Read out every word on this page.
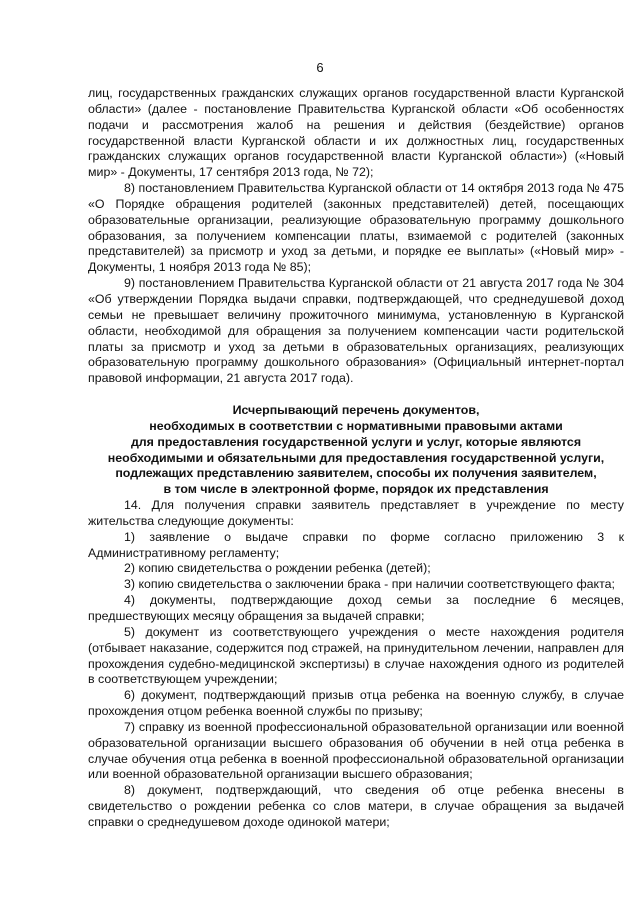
6

лиц, государственных гражданских служащих органов государственной власти Курганской области» (далее - постановление Правительства Курганской области «Об особенностях подачи и рассмотрения жалоб на решения и действия (бездействие) органов государственной власти Курганской области и их должностных лиц, государственных гражданских служащих органов государственной власти Курганской области») («Новый мир» - Документы, 17 сентября 2013 года, № 72);

8) постановлением Правительства Курганской области от 14 октября 2013 года № 475 «О Порядке обращения родителей (законных представителей) детей, посещающих образовательные организации, реализующие образовательную программу дошкольного образования, за получением компенсации платы, взимаемой с родителей (законных представителей) за присмотр и уход за детьми, и порядке ее выплаты» («Новый мир» - Документы, 1 ноября 2013 года № 85);

9) постановлением Правительства Курганской области от 21 августа 2017 года № 304 «Об утверждении Порядка выдачи справки, подтверждающей, что среднедушевой доход семьи не превышает величину прожиточного минимума, установленную в Курганской области, необходимой для обращения за получением компенсации части родительской платы за присмотр и уход за детьми в образовательных организациях, реализующих образовательную программу дошкольного образования» (Официальный интернет-портал правовой информации, 21 августа 2017 года).

Исчерпывающий перечень документов,
необходимых в соответствии с нормативными правовыми актами
для предоставления государственной услуги и услуг, которые являются
необходимыми и обязательными для предоставления государственной услуги,
подлежащих представлению заявителем, способы их получения заявителем,
в том числе в электронной форме, порядок их представления

14. Для получения справки заявитель представляет в учреждение по месту жительства следующие документы:

1) заявление о выдаче справки по форме согласно приложению 3 к Административному регламенту;

2) копию свидетельства о рождении ребенка (детей);

3) копию свидетельства о заключении брака - при наличии соответствующего факта;

4) документы, подтверждающие доход семьи за последние 6 месяцев, предшествующих месяцу обращения за выдачей справки;

5) документ из соответствующего учреждения о месте нахождения родителя (отбывает наказание, содержится под стражей, на принудительном лечении, направлен для прохождения судебно-медицинской экспертизы) в случае нахождения одного из родителей в соответствующем учреждении;

6) документ, подтверждающий призыв отца ребенка на военную службу, в случае прохождения отцом ребенка военной службы по призыву;

7) справку из военной профессиональной образовательной организации или военной образовательной организации высшего образования об обучении в ней отца ребенка в случае обучения отца ребенка в военной профессиональной образовательной организации или военной образовательной организации высшего образования;

8) документ, подтверждающий, что сведения об отце ребенка внесены в свидетельство о рождении ребенка со слов матери, в случае обращения за выдачей справки о среднедушевом доходе одинокой матери;
